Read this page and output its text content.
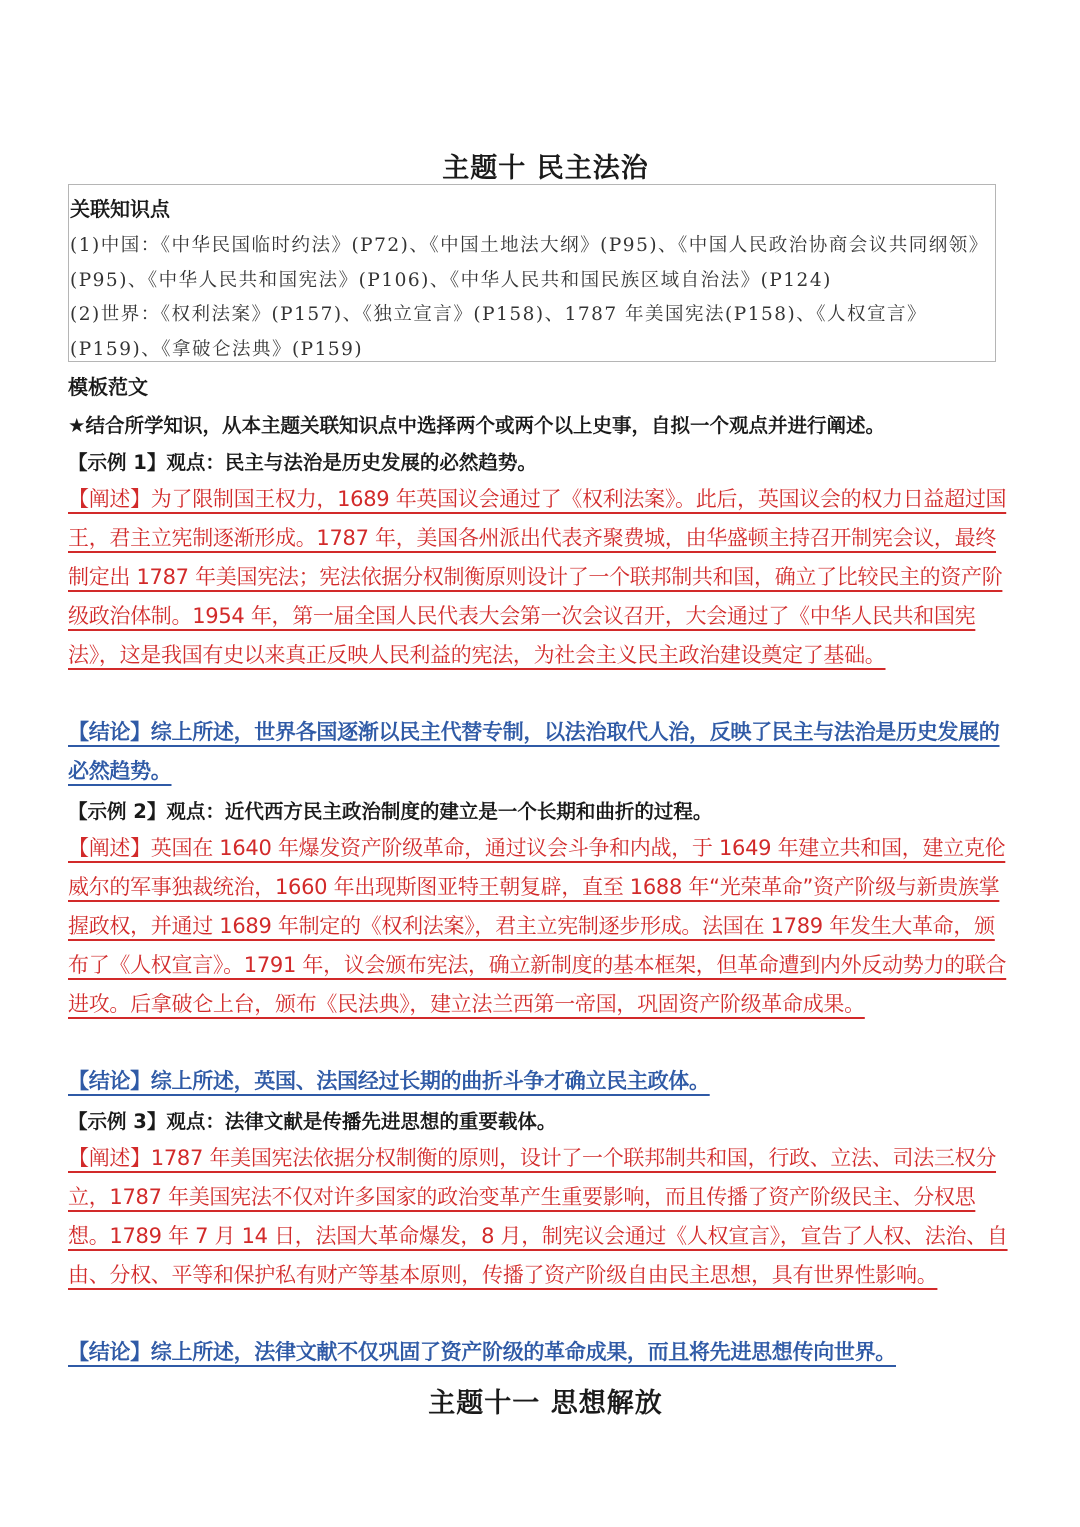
主题十 民主法治
关联知识点

(1)中国：《中华民国临时约法》(P72)、《中国土地法大纲》(P95)、《中国人民政治协商会议共同纲领》(P95)、《中华人民共和国宪法》(P106)、《中华人民共和国民族区域自治法》(P124)

(2)世界：《权利法案》(P157)、《独立宣言》(P158)、1787 年美国宪法(P158)、《人权宣言》(P159)、《拿破仑法典》(P159)

模板范文
★结合所学知识，从本主题关联知识点中选择两个或两个以上史事，自拟一个观点并进行阐述。
【示例 1】观点：民主与法治是历史发展的必然趋势。
【阐述】为了限制国王权力，1689 年英国议会通过了《权利法案》。此后，英国议会的权力日益超过国王，君主立宪制逐渐形成。1787 年，美国各州派出代表齐聚费城，由华盛顿主持召开制宪会议，最终制定出 1787 年美国宪法；宪法依据分权制衡原则设计了一个联邦制共和国，确立了比较民主的资产阶级政治体制。1954 年，第一届全国人民代表大会第一次会议召开，大会通过了《中华人民共和国宪法》，这是我国有史以来真正反映人民利益的宪法，为社会主义民主政治建设奠定了基础。
【结论】综上所述，世界各国逐渐以民主代替专制，以法治取代人治，反映了民主与法治是历史发展的必然趋势。
【示例 2】观点：近代西方民主政治制度的建立是一个长期和曲折的过程。
【阐述】英国在 1640 年爆发资产阶级革命，通过议会斗争和内战，于 1649 年建立共和国，建立克伦威尔的军事独裁统治，1660 年出现斯图亚特王朝复辟，直至 1688 年“光荣革命”资产阶级与新贵族掌握政权，并通过 1689 年制定的《权利法案》，君主立宪制逐步形成。法国在 1789 年发生大革命，颁布了《人权宣言》。1791 年，议会颁布宪法，确立新制度的基本框架，但革命遭到内外反动势力的联合进攻。后拿破仑上台，颁布《民法典》，建立法兰西第一帝国，巩固资产阶级革命成果。
【结论】综上所述，英国、法国经过长期的曲折斗争才确立民主政体。
【示例 3】观点：法律文献是传播先进思想的重要载体。
【阐述】1787 年美国宪法依据分权制衡的原则，设计了一个联邦制共和国，行政、立法、司法三权分立，1787 年美国宪法不仅对许多国家的政治变革产生重要影响，而且传播了资产阶级民主、分权思想。1789 年 7 月 14 日，法国大革命爆发，8 月，制宪议会通过《人权宣言》，宣告了人权、法治、自由、分权、平等和保护私有财产等基本原则，传播了资产阶级自由民主思想，具有世界性影响。
【结论】综上所述，法律文献不仅巩固了资产阶级的革命成果，而且将先进思想传向世界。
主题十一 思想解放
